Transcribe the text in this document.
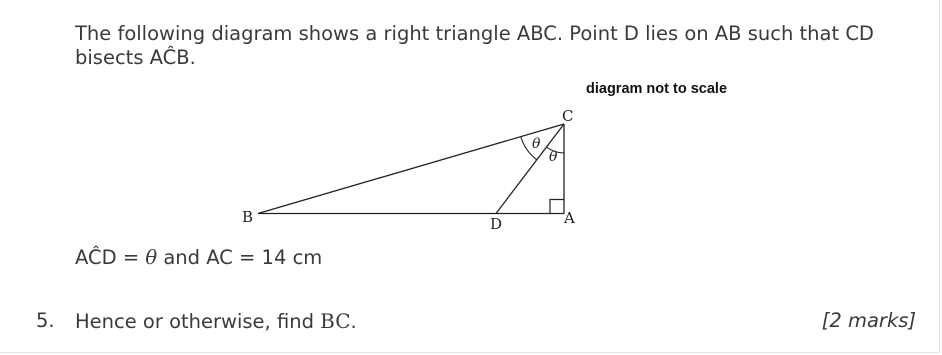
The following diagram shows a right triangle ABC. Point D lies on AB such that CD
bisects AĈB.
diagram not to scale
θ
θ
C
B	D	A
AĈD = θ and AC = 14 cm
5. Hence or otherwise, find BC.	[2 marks]
